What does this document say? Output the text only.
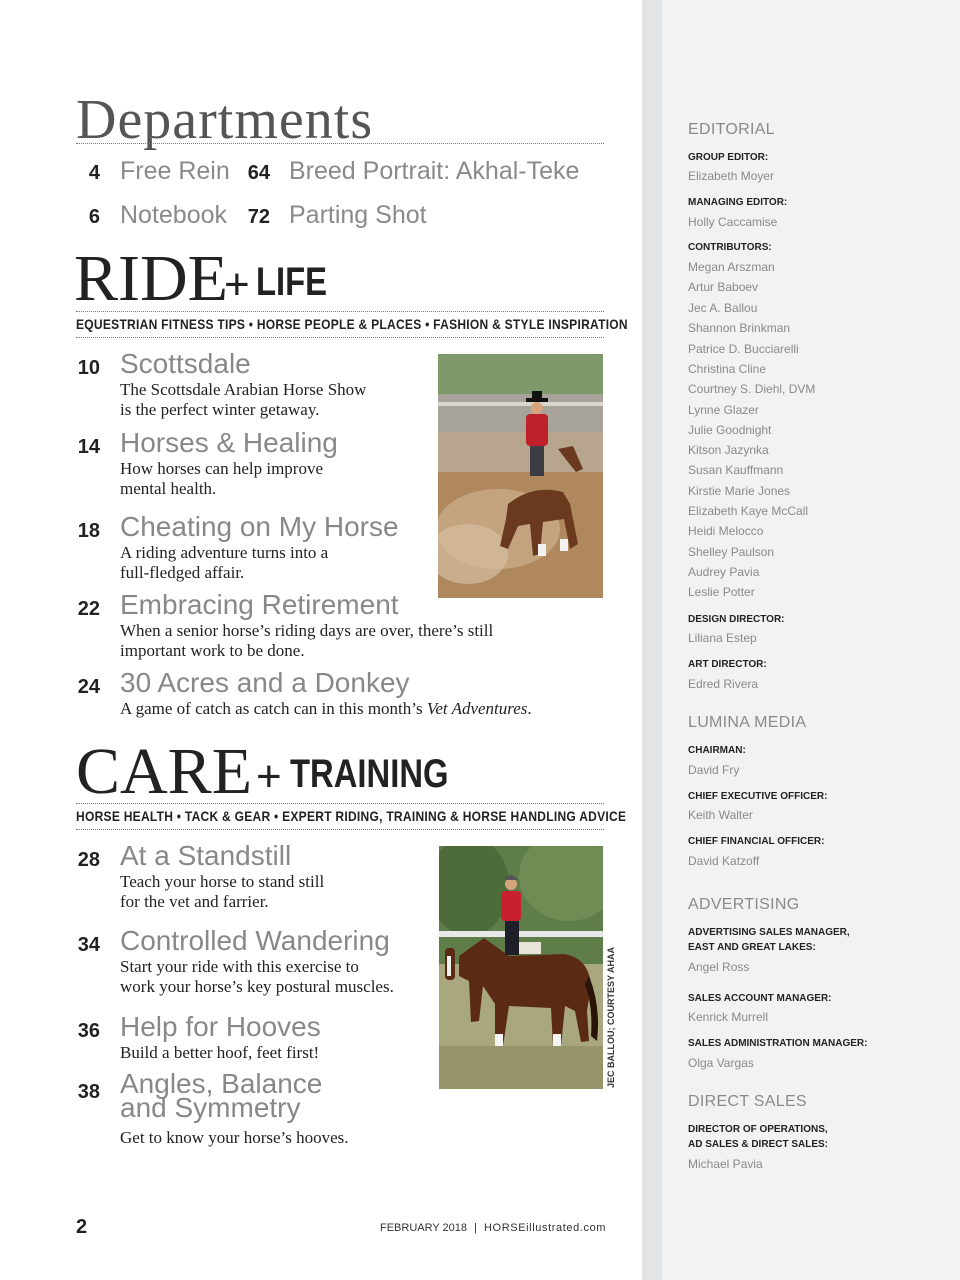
Departments
4 Free Rein 64 Breed Portrait: Akhal-Teke
6 Notebook	72 Parting Shot
RIDE
+ LIFE
EQUESTRIAN FITNESS TIPS • HORSE PEOPLE & PLACES • FASHION & STYLE INSPIRATION
10 Scottsdale
The Scottsdale Arabian Horse Show
is the perfect winter getaway.
14 Horses & Healing
How horses can help improve
mental health.
18 Cheating on My Horse
A riding adventure turns into a
full-fledged affair.
22 Embracing Retirement
When a senior horse’s riding days are over, there’s still
important work to be done.
24 30 Acres and a Donkey
A game of catch as catch can in this month’s Vet Adventures.
CARE + TRAINING
HORSE HEALTH • TACK & GEAR • EXPERT RIDING, TRAINING & HORSE HANDLING ADVICE
28 At a Standstill
Teach your horse to stand still
for the vet and farrier.
34 Controlled Wandering
Start your ride with this exercise to
work your horse’s key postural muscles.
36 Help for Hooves
Build a better hoof, feet first!
38 Angles, Balance
and Symmetry
Get to know your horse’s hooves.
JEC BALLOU; COURTESY AHAA
2	FEBRUARY 2018 | HORSEillustrated.com
EDITORIAL
GROUP EDITOR:
Elizabeth Moyer
MANAGING EDITOR:
Holly Caccamise
CONTRIBUTORS:
Megan Arszman
Artur Baboev
Jec A. Ballou
Shannon Brinkman
Patrice D. Bucciarelli
Christina Cline
Courtney S. Diehl, DVM
Lynne Glazer
Julie Goodnight
Kitson Jazynka
Susan Kauffmann
Kirstie Marie Jones
Elizabeth Kaye McCall
Heidi Melocco
Shelley Paulson
Audrey Pavia
Leslie Potter
DESIGN DIRECTOR:
Liliana Estep
ART DIRECTOR:
Edred Rivera
LUMINA MEDIA
CHAIRMAN:
David Fry
CHIEF EXECUTIVE OFFICER:
Keith Walter
CHIEF FINANCIAL OFFICER:
David Katzoff
ADVERTISING
ADVERTISING SALES MANAGER,
EAST AND GREAT LAKES:
Angel Ross
SALES ACCOUNT MANAGER:
Kenrick Murrell
SALES ADMINISTRATION MANAGER:
Olga Vargas
DIRECT SALES
DIRECTOR OF OPERATIONS,
AD SALES & DIRECT SALES:
Michael Pavia
